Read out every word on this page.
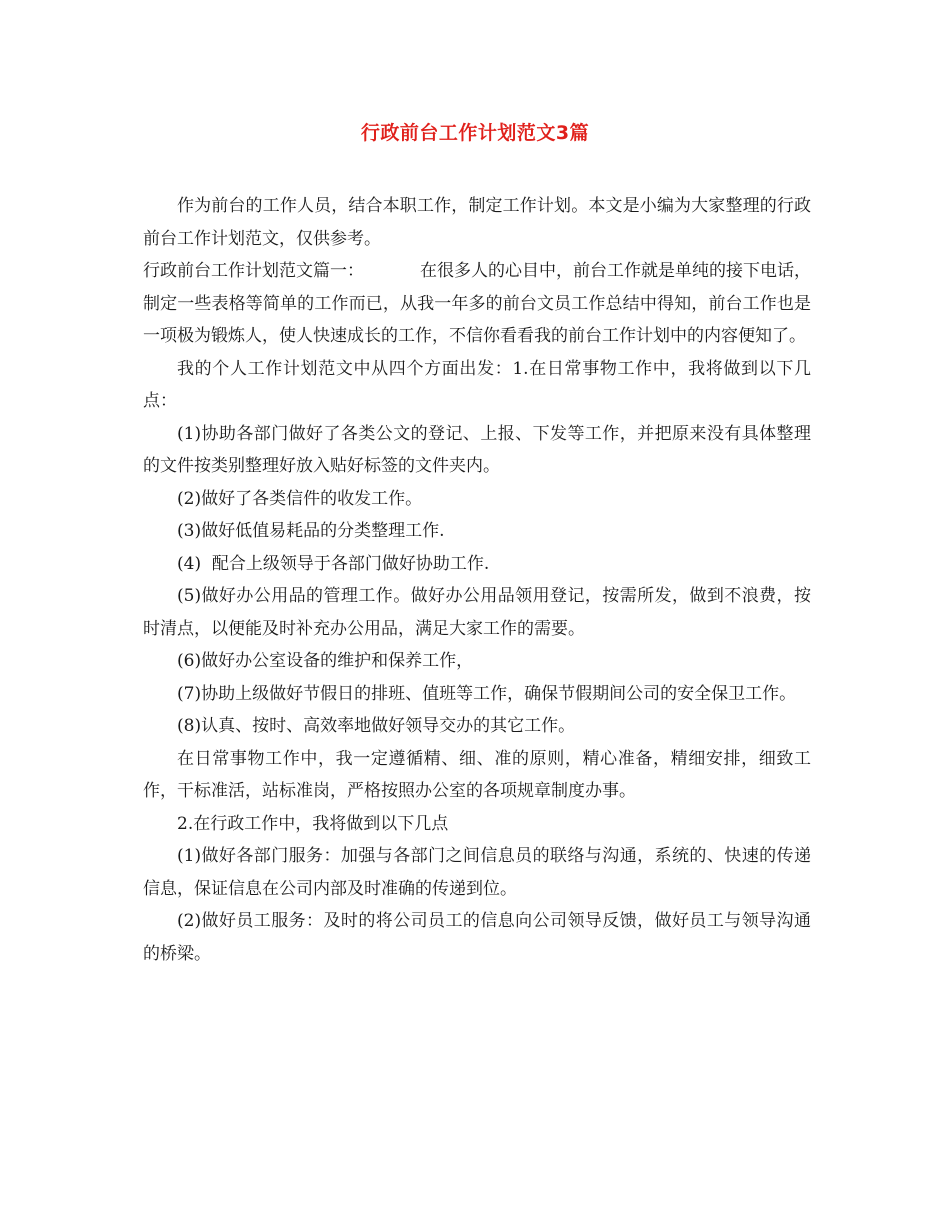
行政前台工作计划范文3篇

作为前台的工作人员，结合本职工作，制定工作计划。本文是小编为大家整理的行政前台工作计划范文，仅供参考。

行政前台工作计划范文篇一：	在很多人的心目中，前台工作就是单纯的接下电话，制定一些表格等简单的工作而已，从我一年多的前台文员工作总结中得知，前台工作也是一项极为锻炼人，使人快速成长的工作，不信你看看我的前台工作计划中的内容便知了。

我的个人工作计划范文中从四个方面出发：1.在日常事物工作中，我将做到以下几点：

(1)协助各部门做好了各类公文的登记、上报、下发等工作，并把原来没有具体整理的文件按类别整理好放入贴好标签的文件夹内。

(2)做好了各类信件的收发工作。

(3)做好低值易耗品的分类整理工作.

(4)  配合上级领导于各部门做好协助工作.

(5)做好办公用品的管理工作。做好办公用品领用登记，按需所发，做到不浪费，按时清点，以便能及时补充办公用品，满足大家工作的需要。

(6)做好办公室设备的维护和保养工作，

(7)协助上级做好节假日的排班、值班等工作，确保节假期间公司的安全保卫工作。

(8)认真、按时、高效率地做好领导交办的其它工作。

在日常事物工作中，我一定遵循精、细、准的原则，精心准备，精细安排，细致工作，干标准活，站标准岗，严格按照办公室的各项规章制度办事。

2.在行政工作中，我将做到以下几点

(1)做好各部门服务：加强与各部门之间信息员的联络与沟通，系统的、快速的传递信息，保证信息在公司内部及时准确的传递到位。

(2)做好员工服务：及时的将公司员工的信息向公司领导反馈，做好员工与领导沟通的桥梁。
